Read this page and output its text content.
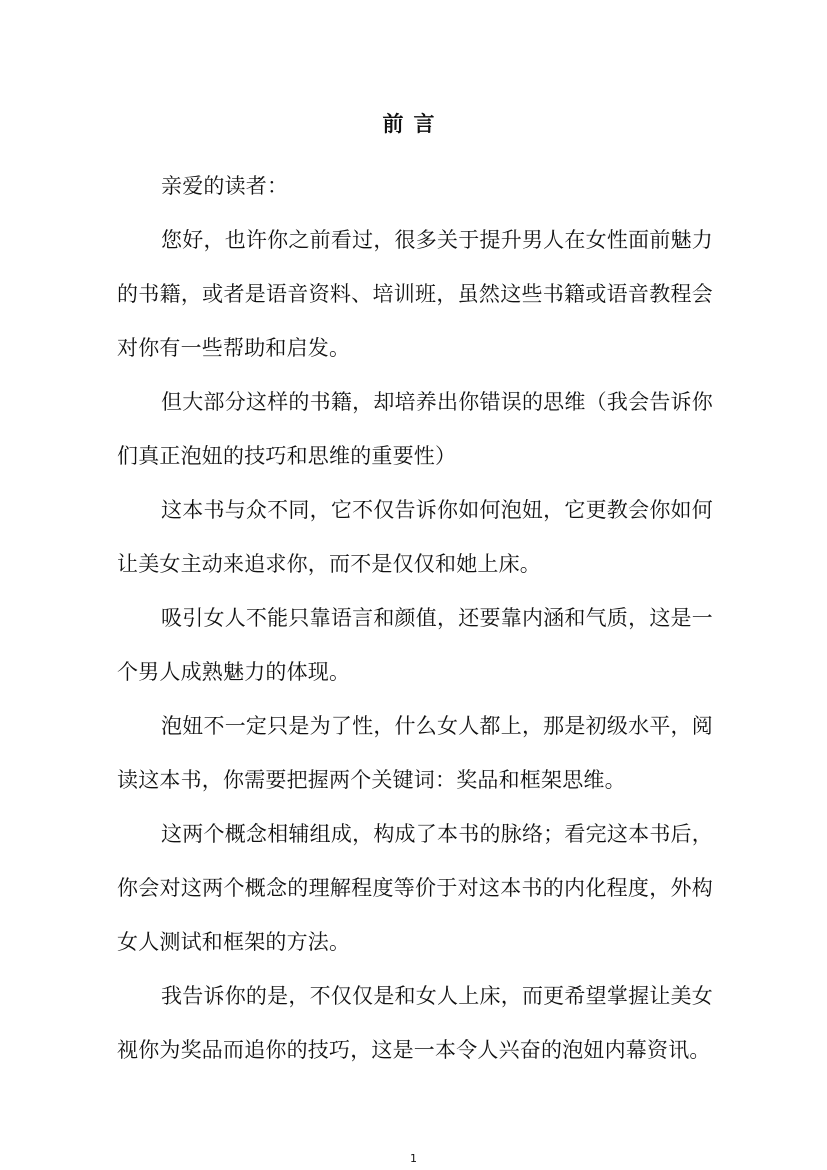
前言

亲爱的读者：

您好，也许你之前看过，很多关于提升男人在女性面前魅力的书籍，或者是语音资料、培训班，虽然这些书籍或语音教程会对你有一些帮助和启发。

但大部分这样的书籍，却培养出你错误的思维（我会告诉你们真正泡妞的技巧和思维的重要性）

这本书与众不同，它不仅告诉你如何泡妞，它更教会你如何让美女主动来追求你，而不是仅仅和她上床。

吸引女人不能只靠语言和颜值，还要靠内涵和气质，这是一个男人成熟魅力的体现。

泡妞不一定只是为了性，什么女人都上，那是初级水平，阅读这本书，你需要把握两个关键词：奖品和框架思维。

这两个概念相辅组成，构成了本书的脉络；看完这本书后，你会对这两个概念的理解程度等价于对这本书的内化程度，外构女人测试和框架的方法。

我告诉你的是，不仅仅是和女人上床，而更希望掌握让美女视你为奖品而追你的技巧，这是一本令人兴奋的泡妞内幕资讯。

1
